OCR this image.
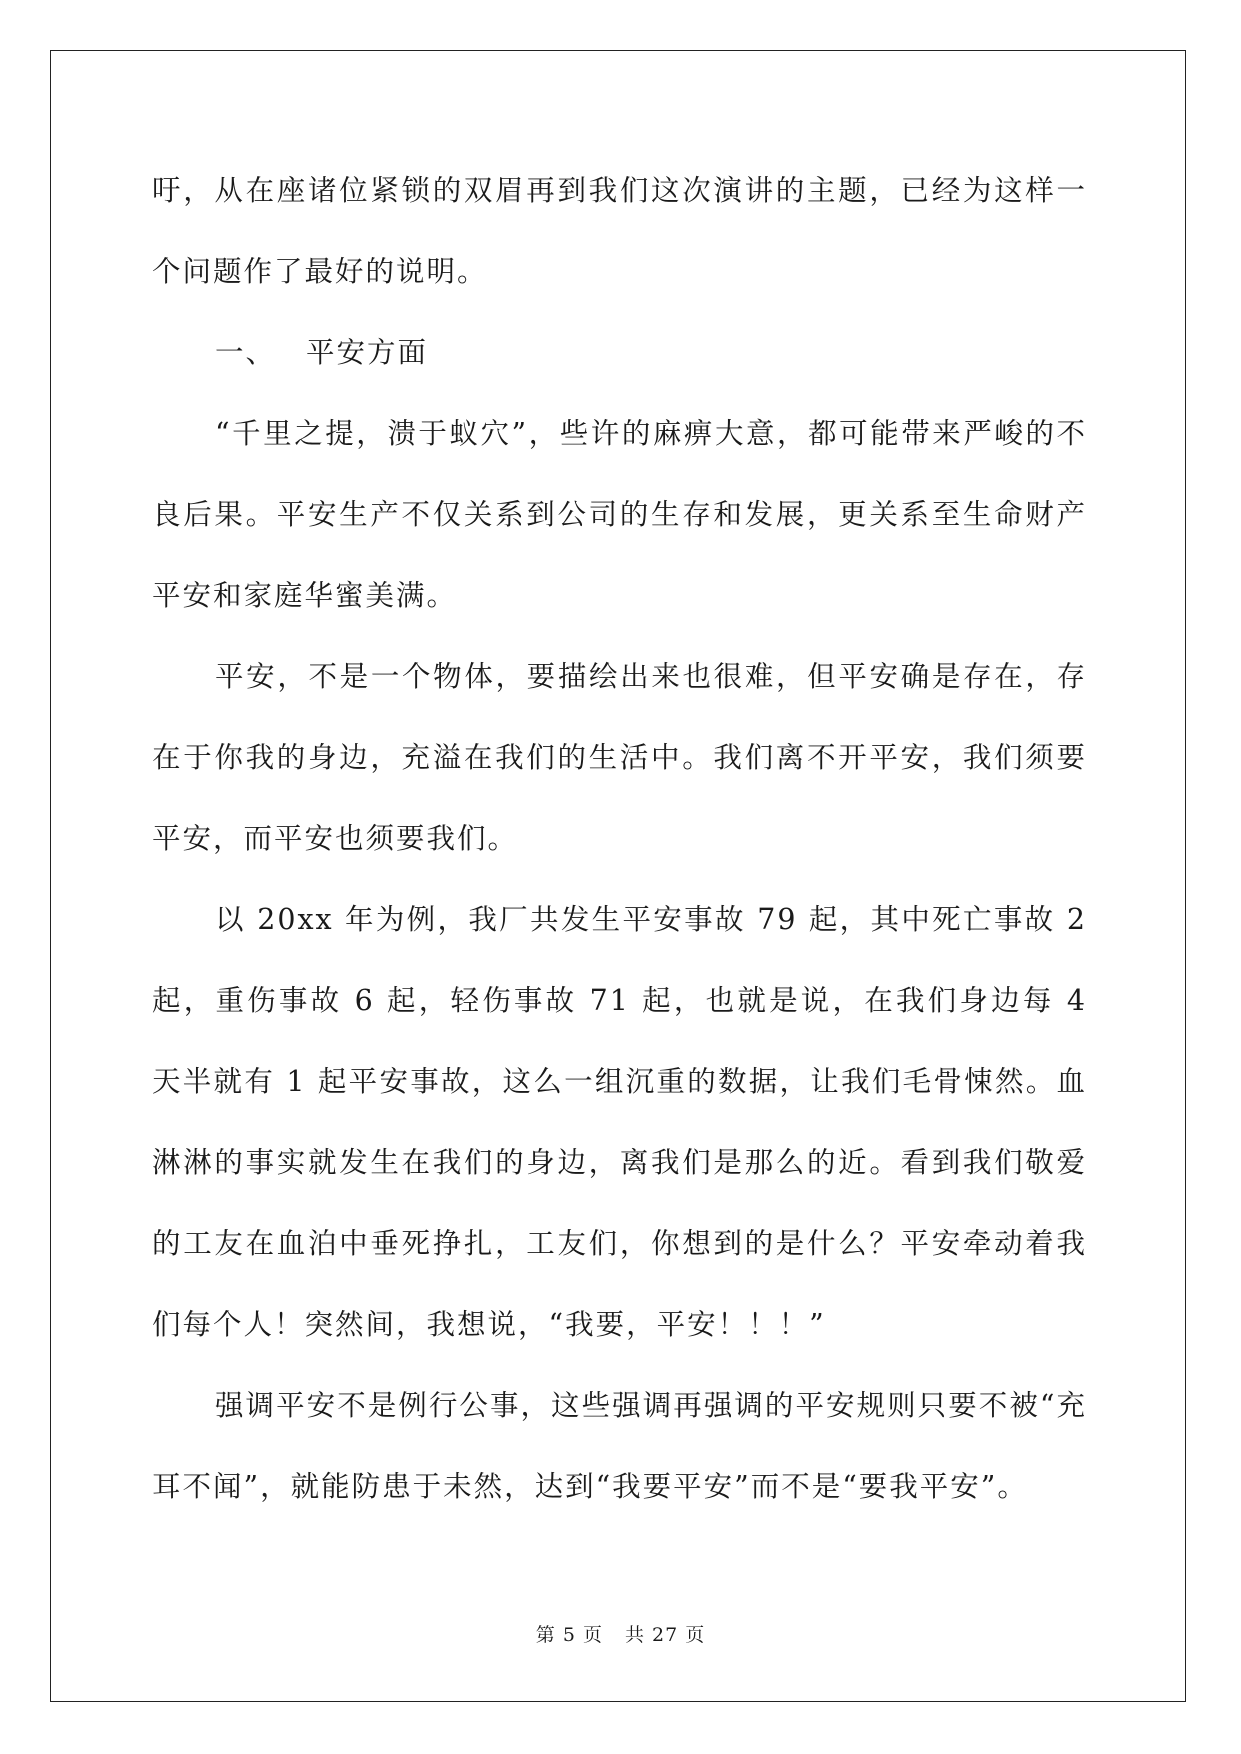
吁，从在座诸位紧锁的双眉再到我们这次演讲的主题，已经为这样一个问题作了最好的说明。

一、 平安方面

“千里之提，溃于蚁穴”，些许的麻痹大意，都可能带来严峻的不良后果。平安生产不仅关系到公司的生存和发展，更关系至生命财产平安和家庭华蜜美满。

平安，不是一个物体，要描绘出来也很难，但平安确是存在，存在于你我的身边，充溢在我们的生活中。我们离不开平安，我们须要平安，而平安也须要我们。

以 20xx 年为例，我厂共发生平安事故 79 起，其中死亡事故 2 起，重伤事故 6 起，轻伤事故 71 起，也就是说，在我们身边每 4 天半就有 1 起平安事故，这么一组沉重的数据，让我们毛骨悚然。血淋淋的事实就发生在我们的身边，离我们是那么的近。看到我们敬爱的工友在血泊中垂死挣扎，工友们，你想到的是什么？平安牵动着我们每个人！突然间，我想说，“我要，平安！！！”

强调平安不是例行公事，这些强调再强调的平安规则只要不被“充耳不闻”，就能防患于未然，达到“我要平安”而不是“要我平安”。

第 5 页 共 27 页
